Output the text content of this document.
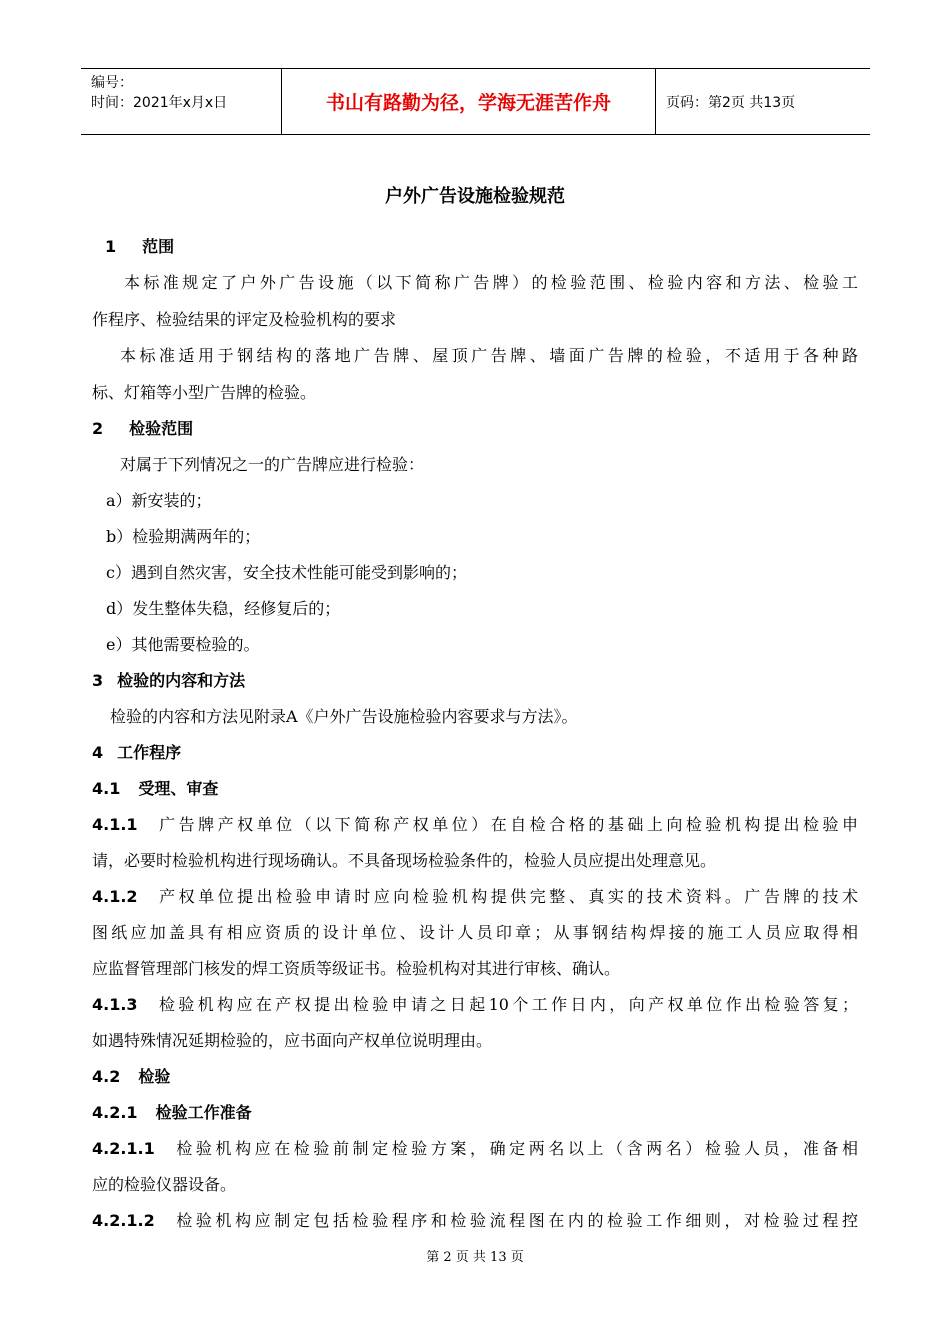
编号：
时间：2021年x月x日	书山有路勤为径，学海无涯苦作舟	页码：第2页 共13页
户外广告设施检验规范
1 范围
本标准规定了户外广告设施（以下简称广告牌）的检验范围、检验内容和方法、检验工
作程序、检验结果的评定及检验机构的要求
本标准适用于钢结构的落地广告牌、屋顶广告牌、墙面广告牌的检验，不适用于各种路
标、灯箱等小型广告牌的检验。
2 检验范围
对属于下列情况之一的广告牌应进行检验：
a）新安装的；
b）检验期满两年的；
c）遇到自然灾害，安全技术性能可能受到影响的；
d）发生整体失稳，经修复后的；
e）其他需要检验的。
3 检验的内容和方法
检验的内容和方法见附录A《户外广告设施检验内容要求与方法》。
4 工作程序
4.1 受理、审查
4.1.1 广告牌产权单位（以下简称产权单位）在自检合格的基础上向检验机构提出检验申
请，必要时检验机构进行现场确认。不具备现场检验条件的，检验人员应提出处理意见。
4.1.2 产权单位提出检验申请时应向检验机构提供完整、真实的技术资料。广告牌的技术
图纸应加盖具有相应资质的设计单位、设计人员印章；从事钢结构焊接的施工人员应取得相
应监督管理部门核发的焊工资质等级证书。检验机构对其进行审核、确认。
4.1.3 检验机构应在产权提出检验申请之日起10个工作日内，向产权单位作出检验答复；
如遇特殊情况延期检验的，应书面向产权单位说明理由。
4.2 检验
4.2.1 检验工作准备
4.2.1.1 检验机构应在检验前制定检验方案，确定两名以上（含两名）检验人员，准备相
应的检验仪器设备。
4.2.1.2 检验机构应制定包括检验程序和检验流程图在内的检验工作细则，对检验过程控
第 2 页 共 13 页
